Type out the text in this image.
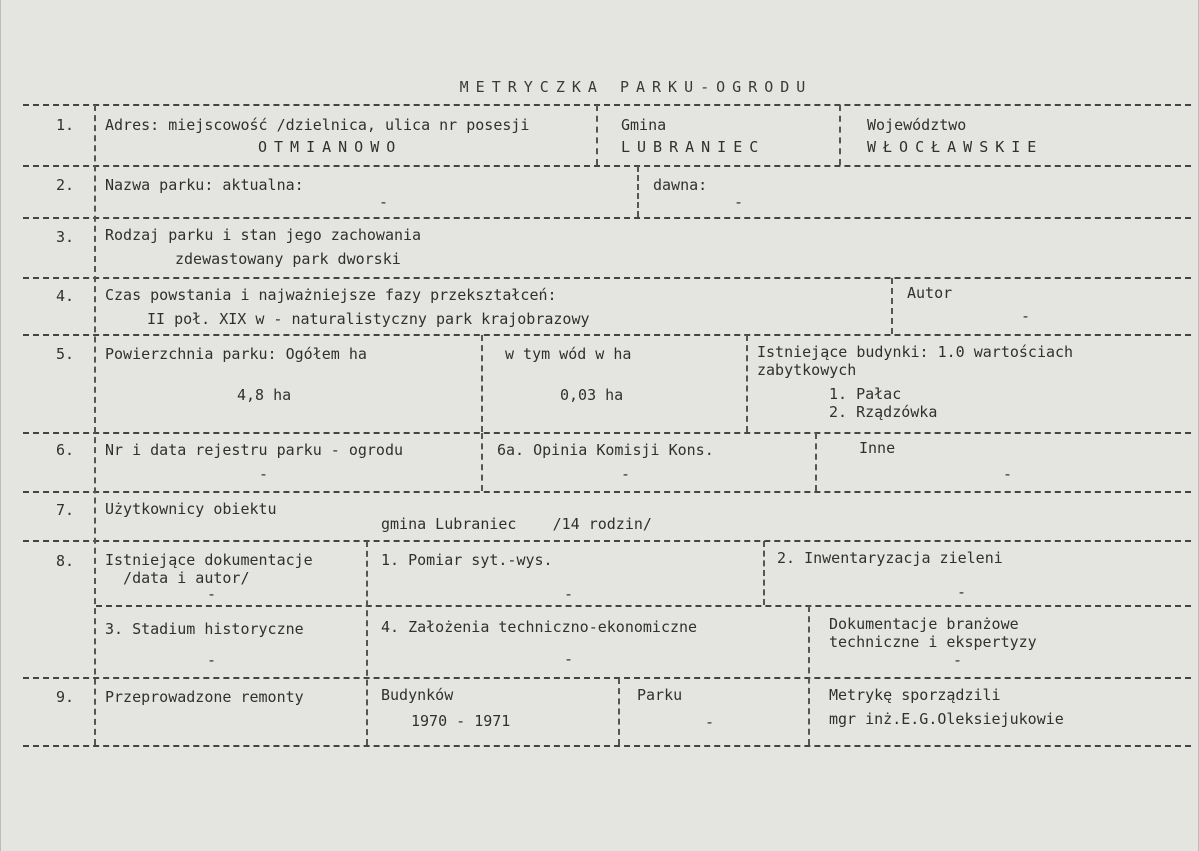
METRYCZKA PARKU-OGRODU
1. Adres: miejscowość /dzielnica, ulica nr posesji
OTMIANOWO
Gmina
LUBRANIEC
Województwo
WŁOCŁAWSKIE
2. Nazwa parku: aktualna:
-
dawna:
-
3. Rodzaj parku i stan jego zachowania
zdewastowany park dworski
4. Czas powstania i najważniejsze fazy przekształceń:
II poł. XIX w - naturalistyczny park krajobrazowy
Autor
-
5. Powierzchnia parku: Ogółem ha
4,8 ha
w tym wód w ha
0,03 ha
Istniejące budynki: 1.0 wartościach
zabytkowych
1. Pałac
2. Rządzówka
6. Nr i data rejestru parku - ogrodu
-
6a. Opinia Komisji Kons.
-
Inne
-
7. Użytkownicy obiektu
gmina Lubraniec    /14 rodzin/
8. Istniejące dokumentacje
/data i autor/
-
1. Pomiar syt.-wys.
-
2. Inwentaryzacja zieleni
-
3. Stadium historyczne
-
4. Założenia techniczno-ekonomiczne
-
Dokumentacje branżowe
techniczne i ekspertyzy
-
9. Przeprowadzone remonty	Budynków
1970 - 1971
Parku
-
Metrykę sporządzili
mgr inż.E.G.Oleksiejukowie
